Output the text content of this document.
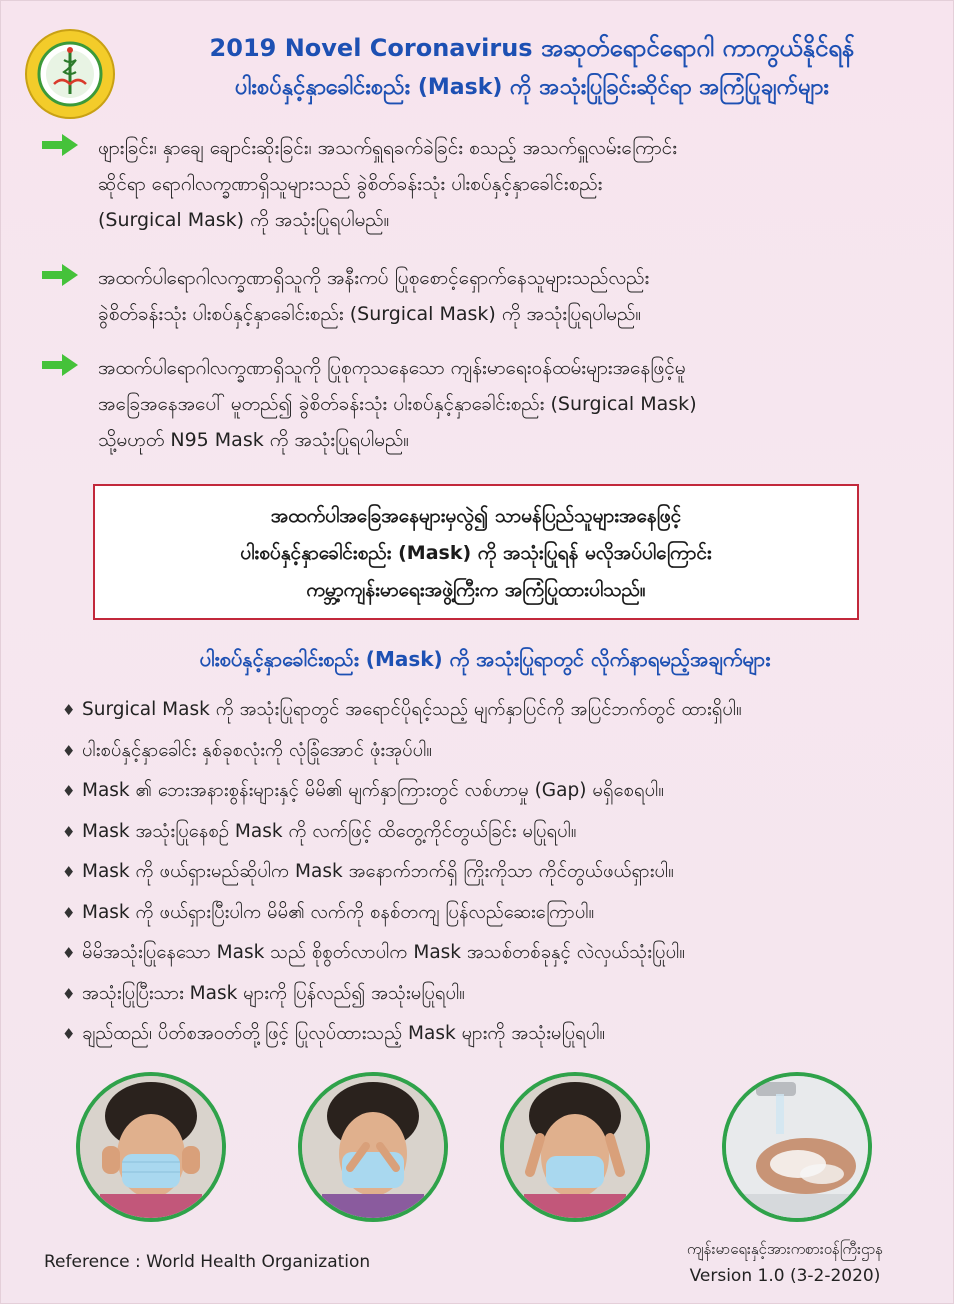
2019 Novel Coronavirus အဆုတ်ရောင်ရောဂါ ကာကွယ်နိုင်ရန်
ပါးစပ်နှင့်နှာခေါင်းစည်း (Mask) ကို အသုံးပြုခြင်းဆိုင်ရာ အကြံပြုချက်များ
ဖျားခြင်း၊ နှာချေ ချောင်းဆိုးခြင်း၊ အသက်ရှူရခက်ခဲခြင်း စသည့် အသက်ရှူလမ်းကြောင်း
ဆိုင်ရာ ရောဂါလက္ခဏာရှိသူများသည် ခွဲစိတ်ခန်းသုံး ပါးစပ်နှင့်နှာခေါင်းစည်း
(Surgical Mask) ကို အသုံးပြုရပါမည်။
အထက်ပါရောဂါလက္ခဏာရှိသူကို အနီးကပ် ပြုစုစောင့်ရှောက်နေသူများသည်လည်း
ခွဲစိတ်ခန်းသုံး ပါးစပ်နှင့်နှာခေါင်းစည်း (Surgical Mask) ကို အသုံးပြုရပါမည်။
အထက်ပါရောဂါလက္ခဏာရှိသူကို ပြုစုကုသနေသော ကျန်းမာရေးဝန်ထမ်းများအနေဖြင့်မူ
အခြေအနေအပေါ် မူတည်၍ ခွဲစိတ်ခန်းသုံး ပါးစပ်နှင့်နှာခေါင်းစည်း (Surgical Mask)
သို့မဟုတ် N95 Mask ကို အသုံးပြုရပါမည်။
အထက်ပါအခြေအနေများမှလွဲ၍ သာမန်ပြည်သူများအနေဖြင့်
ပါးစပ်နှင့်နှာခေါင်းစည်း (Mask) ကို အသုံးပြုရန် မလိုအပ်ပါကြောင်း
ကမ္ဘာ့ကျန်းမာရေးအဖွဲ့ကြီးက အကြံပြုထားပါသည်။
ပါးစပ်နှင့်နှာခေါင်းစည်း (Mask) ကို အသုံးပြုရာတွင် လိုက်နာရမည့်အချက်များ
♦ Surgical Mask ကို အသုံးပြုရာတွင် အရောင်ပိုရင့်သည့် မျက်နှာပြင်ကို အပြင်ဘက်တွင် ထားရှိပါ။
♦ ပါးစပ်နှင့်နှာခေါင်း နှစ်ခုစလုံးကို လုံခြုံအောင် ဖုံးအုပ်ပါ။
♦ Mask ၏ ဘေးအနားစွန်းများနှင့် မိမိ၏ မျက်နှာကြားတွင် လစ်ဟာမှု (Gap) မရှိစေရပါ။
♦ Mask အသုံးပြုနေစဉ် Mask ကို လက်ဖြင့် ထိတွေ့ကိုင်တွယ်ခြင်း မပြုရပါ။
♦ Mask ကို ဖယ်ရှားမည်ဆိုပါက Mask အနောက်ဘက်ရှိ ကြိုးကိုသာ ကိုင်တွယ်ဖယ်ရှားပါ။
♦ Mask ကို ဖယ်ရှားပြီးပါက မိမိ၏ လက်ကို စနစ်တကျ ပြန်လည်ဆေးကြောပါ။
♦ မိမိအသုံးပြုနေသော Mask သည် စိုစွတ်လာပါက Mask အသစ်တစ်ခုနှင့် လဲလှယ်သုံးပြုပါ။
♦ အသုံးပြုပြီးသား Mask များကို ပြန်လည်၍ အသုံးမပြုရပါ။
♦ ချည်ထည်၊ ပိတ်စအဝတ်တို့ဖြင့် ပြုလုပ်ထားသည့် Mask များကို အသုံးမပြုရပါ။
Reference : World Health Organization
ကျန်းမာရေးနှင့်အားကစားဝန်ကြီးဌာန
Version 1.0 (3-2-2020)
